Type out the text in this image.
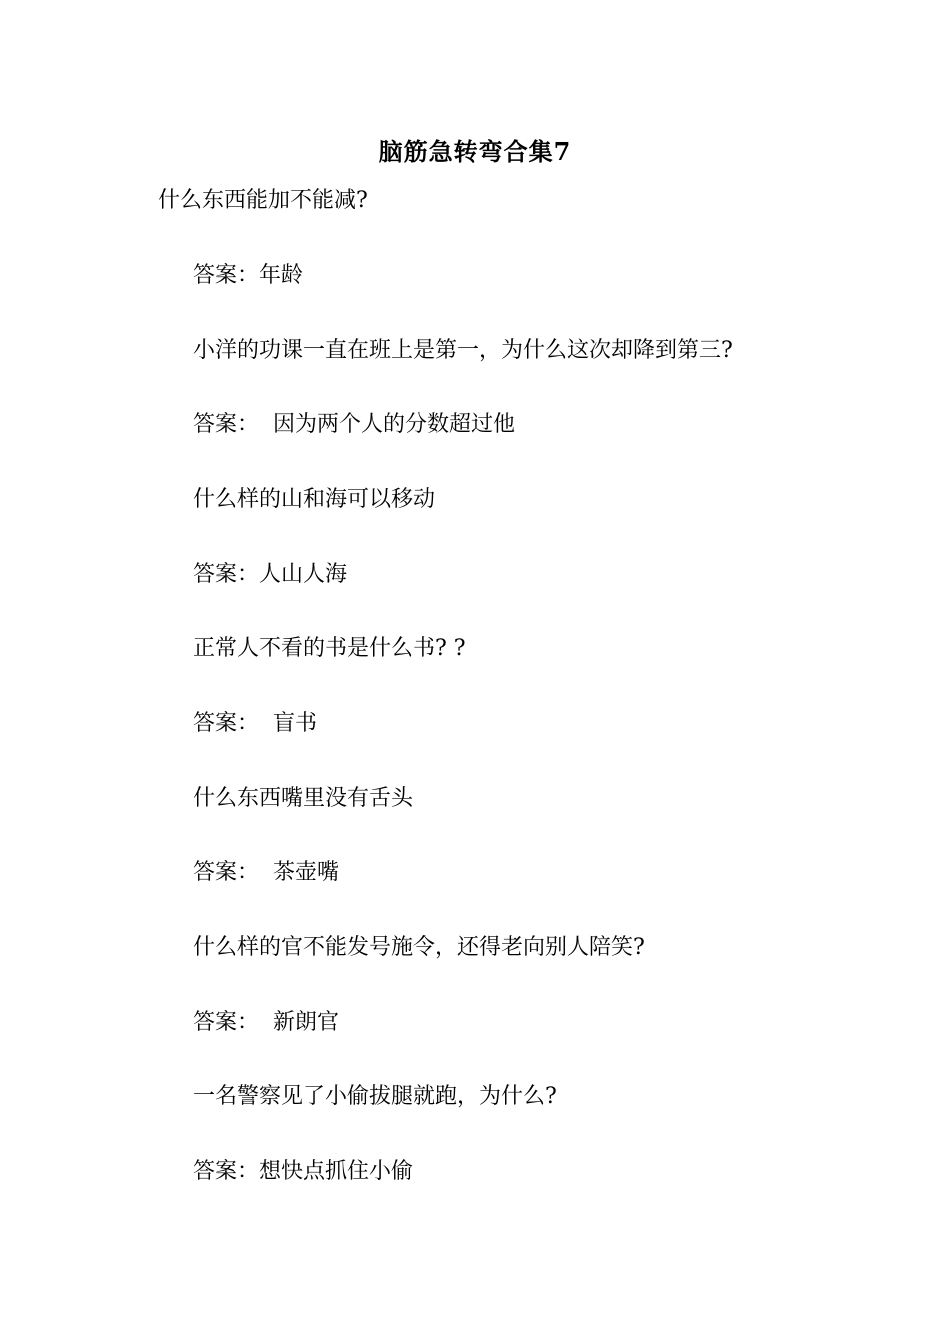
脑筋急转弯合集7
什么东西能加不能减?
答案：年龄
小洋的功课一直在班上是第一，为什么这次却降到第三?
答案：  因为两个人的分数超过他
什么样的山和海可以移动
答案：人山人海
正常人不看的书是什么书? ?
答案：  盲书
什么东西嘴里没有舌头
答案：  茶壶嘴
什么样的官不能发号施令，还得老向别人陪笑?
答案：  新朗官
一名警察见了小偷拔腿就跑，为什么?
答案：想快点抓住小偷
